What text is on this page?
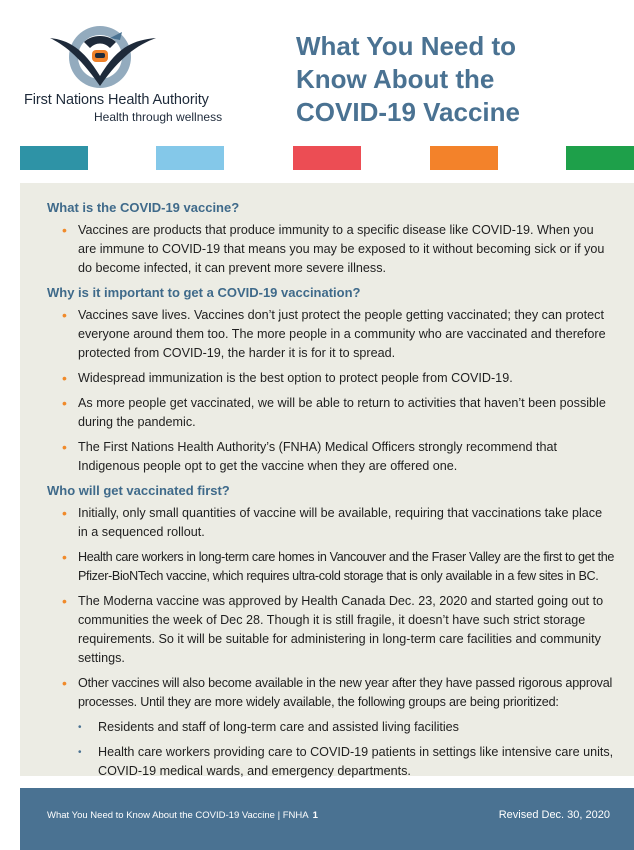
First Nations Health Authority
Health through wellness
What You Need to
Know About the
COVID-19 Vaccine
What is the COVID-19 vaccine?
• Vaccines are products that produce immunity to a specific disease like COVID-19. When you are immune to COVID-19 that means you may be exposed to it without becoming sick or if you do become infected, it can prevent more severe illness.
Why is it important to get a COVID-19 vaccination?
• Vaccines save lives. Vaccines don’t just protect the people getting vaccinated; they can protect everyone around them too. The more people in a community who are vaccinated and therefore protected from COVID-19, the harder it is for it to spread.
• Widespread immunization is the best option to protect people from COVID-19.
• As more people get vaccinated, we will be able to return to activities that haven’t been possible during the pandemic.
• The First Nations Health Authority’s (FNHA) Medical Officers strongly recommend that Indigenous people opt to get the vaccine when they are offered one.
Who will get vaccinated first?
• Initially, only small quantities of vaccine will be available, requiring that vaccinations take place in a sequenced rollout.
• Health care workers in long-term care homes in Vancouver and the Fraser Valley are the first to get the Pfizer-BioNTech vaccine, which requires ultra-cold storage that is only available in a few sites in BC.
• The Moderna vaccine was approved by Health Canada Dec. 23, 2020 and started going out to communities the week of Dec 28. Though it is still fragile, it doesn’t have such strict storage requirements. So it will be suitable for administering in long-term care facilities and community settings.
• Other vaccines will also become available in the new year after they have passed rigorous approval processes. Until they are more widely available, the following groups are being prioritized:
• Residents and staff of long-term care and assisted living facilities
• Health care workers providing care to COVID-19 patients in settings like intensive care units, COVID-19 medical wards, and emergency departments.
What You Need to Know About the COVID-19 Vaccine | FNHA 1	Revised Dec. 30, 2020
